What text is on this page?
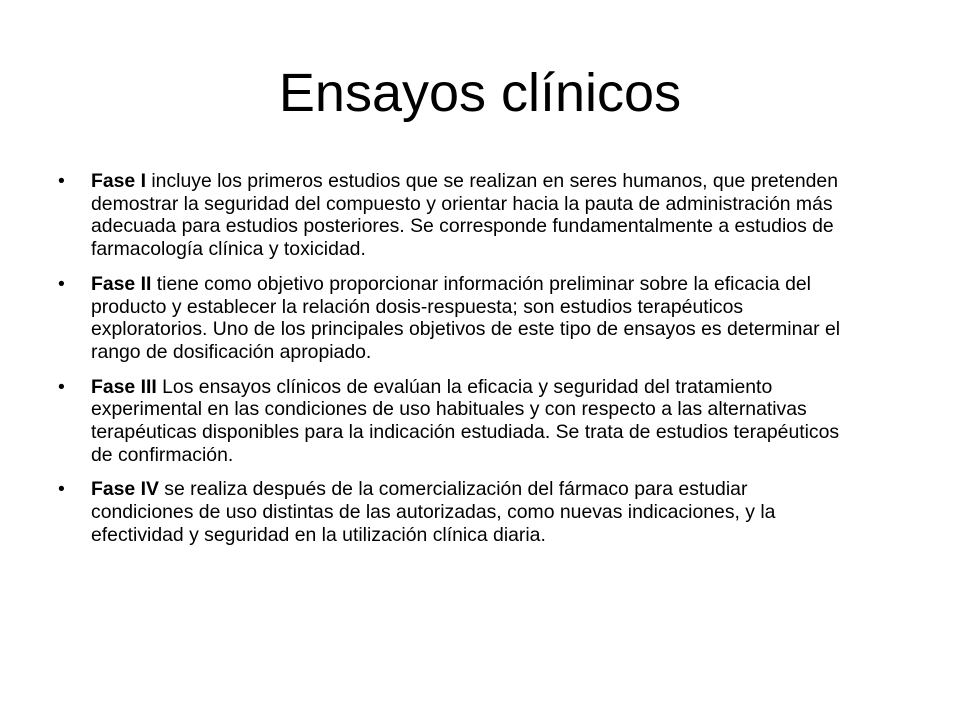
Ensayos clínicos
• Fase I incluye los primeros estudios que se realizan en seres humanos, que pretenden demostrar la seguridad del compuesto y orientar hacia la pauta de administración más adecuada para estudios posteriores. Se corresponde fundamentalmente a estudios de farmacología clínica y toxicidad.
• Fase II tiene como objetivo proporcionar información preliminar sobre la eficacia del producto y establecer la relación dosis-respuesta; son estudios terapéuticos exploratorios. Uno de los principales objetivos de este tipo de ensayos es determinar el rango de dosificación apropiado.
• Fase III Los ensayos clínicos de evalúan la eficacia y seguridad del tratamiento experimental en las condiciones de uso habituales y con respecto a las alternativas terapéuticas disponibles para la indicación estudiada. Se trata de estudios terapéuticos de confirmación.
• Fase IV se realiza después de la comercialización del fármaco para estudiar condiciones de uso distintas de las autorizadas, como nuevas indicaciones, y la efectividad y seguridad en la utilización clínica diaria.
